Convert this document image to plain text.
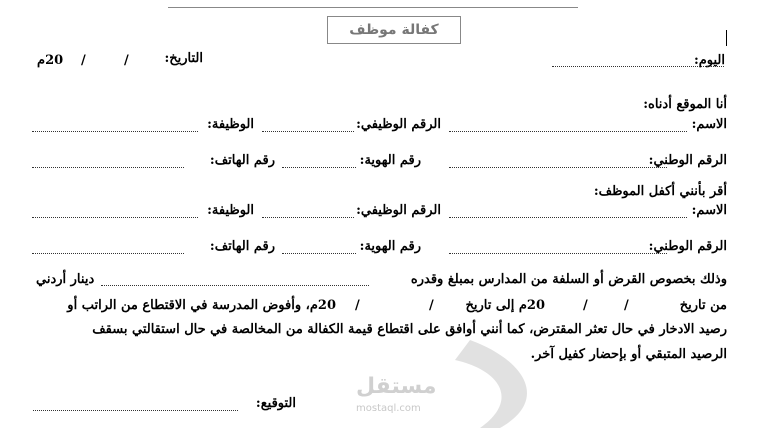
كفالة موظف
اليوم:
التاريخ:
/
/
20م
أنا الموقع أدناه:
الاسم:
الرقم الوظيفي:
الوظيفة:
الرقم الوطني:
رقم الهوية:
رقم الهاتف:
أقر بأنني أكفل الموظف:
الاسم:
الرقم الوظيفي:
الوظيفة:
الرقم الوطني:
رقم الهوية:
رقم الهاتف:
وذلك بخصوص القرض أو السلفة من المدارس بمبلغ وقدره
دينار أردني
من تاريخ
/
/
20م إلى تاريخ
/
/
20م، وأفوض المدرسة في الاقتطاع من الراتب أو
رصيد الادخار في حال تعثر المقترض، كما أنني أوافق على اقتطاع قيمة الكفالة من المخالصة في حال استقالتي بسقف
الرصيد المتبقي أو بإحضار كفيل آخر.
التوقيع:
مستقل
mostaql.com
